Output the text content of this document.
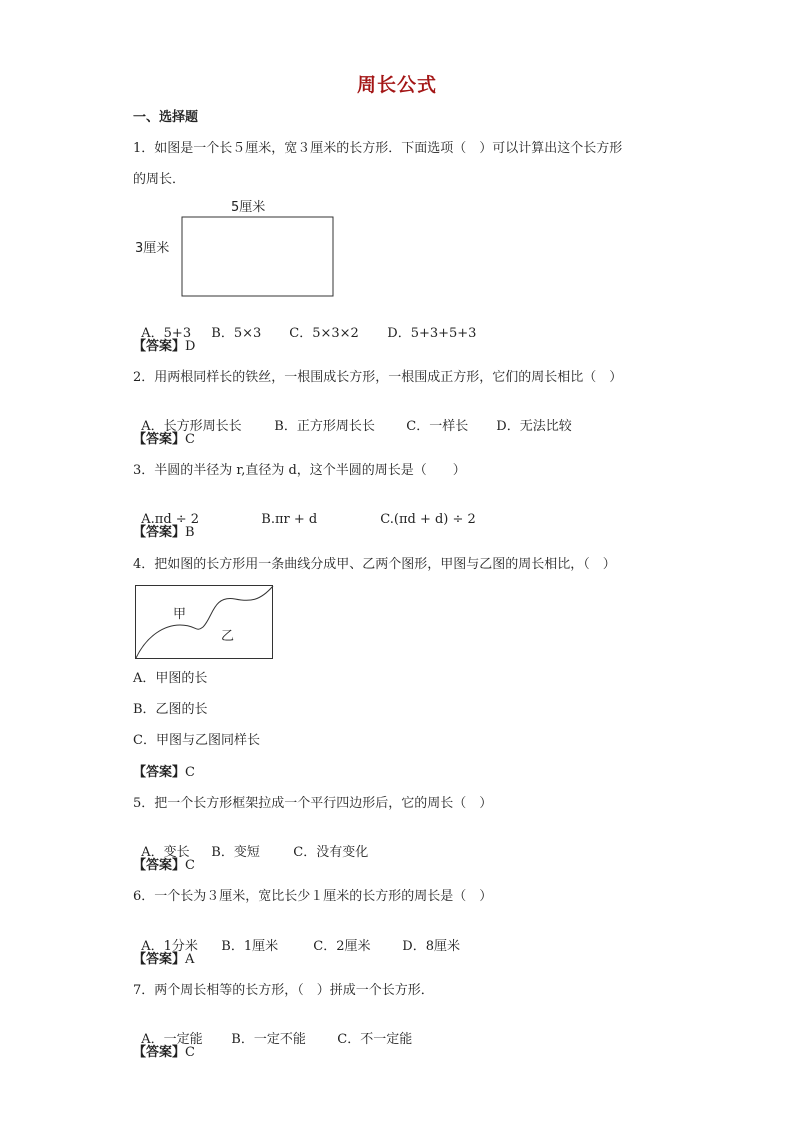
周长公式
一、选择题
1．如图是一个长５厘米，宽３厘米的长方形．下面选项（　）可以计算出这个长方形
的周长．
5厘米
3厘米

A．5+3 B．5×3 C．5×3×2 D．5+3+5+3

【答案】D
2．用两根同样长的铁丝，一根围成长方形，一根围成正方形，它们的周长相比（　）

A．长方形周长长	B．正方形周长长 C．一样长 D．无法比较

【答案】C
3．半圆的半径为 r,直径为 d，这个半圆的周长是（　　）

A.πd ÷ 2	B.πr + d	C.(πd + d) ÷ 2

【答案】B
4．把如图的长方形用一条曲线分成甲、乙两个图形，甲图与乙图的周长相比，（　）
甲
乙
A．甲图的长
B．乙图的长
C．甲图与乙图同样长
【答案】C
5．把一个长方形框架拉成一个平行四边形后，它的周长（　）

A．变长 B．变短	C．没有变化

【答案】C
6．一个长为３厘米，宽比长少１厘米的长方形的周长是（　）

A．1分米 B．1厘米	C．2厘米 D．8厘米

【答案】A
7．两个周长相等的长方形，（　）拼成一个长方形．

A．一定能 B．一定不能 C．不一定能

【答案】C
